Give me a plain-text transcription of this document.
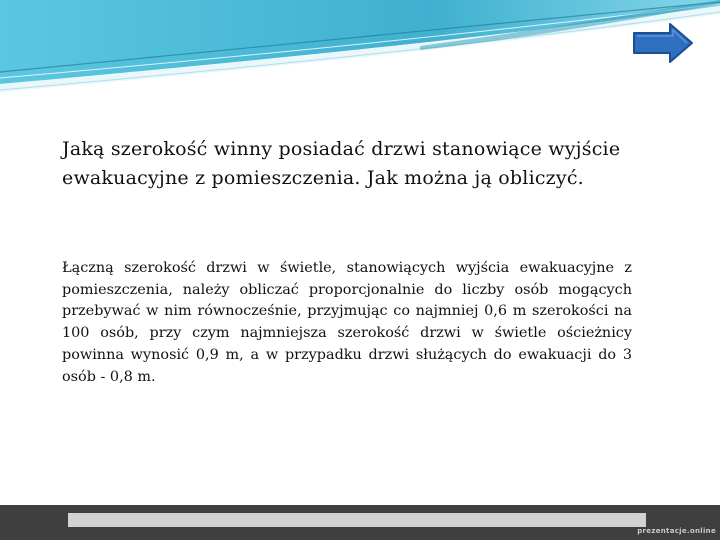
Jaką szerokość winny posiadać drzwi stanowiące wyjście ewakuacyjne z pomieszczenia. Jak można ją obliczyć.
Łączną szerokość drzwi w świetle, stanowiących wyjścia ewakuacyjne z pomieszczenia, należy obliczać proporcjonalnie do liczby osób mogących przebywać w nim równocześnie, przyjmując co najmniej 0,6 m szerokości na 100 osób, przy czym najmniejsza szerokość drzwi w świetle ościeżnicy powinna wynosić 0,9 m, a w przypadku drzwi służących do ewakuacji do 3 osób - 0,8 m.
prezentacje.online
